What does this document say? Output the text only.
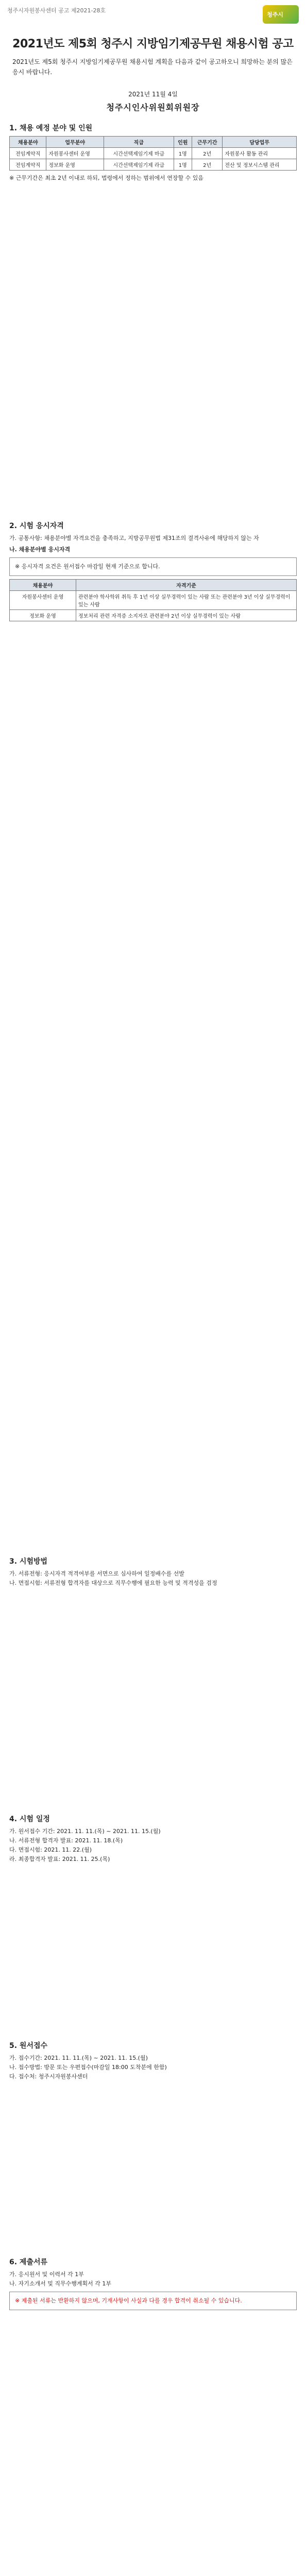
청주시자원봉사센터 공고 제2021-28호
청주시
2021년도 제5회 청주시 지방임기제공무원 채용시험 공고
2021년도 제5회 청주시 지방임기제공무원 채용시험 계획을 다음과 같이 공고하오니 희망하는 분의 많은 응시 바랍니다.
2021년 11월 4일
청주시인사위원회위원장
1. 채용 예정 분야 및 인원
채용분야	업무분야	직급	인원	근무기간	담당업무
전임계약직	자원봉사센터 운영	시간선택제임기제 마급	1명	2년	자원봉사 활동 관리
전임계약직	정보화 운영	시간선택제임기제 라급	1명	2년	전산 및 정보시스템 관리
※ 근무기간은 최초 2년 이내로 하되, 법령에서 정하는 범위에서 연장할 수 있음
2. 시험 응시자격
가. 공통사항: 채용분야별 자격요건을 충족하고, 지방공무원법 제31조의 결격사유에 해당하지 않는 자
나. 채용분야별 응시자격
※ 응시자격 요건은 원서접수 마감일 현재 기준으로 합니다.
채용분야	자격기준
자원봉사센터 운영	관련분야 학사학위 취득 후 1년 이상 실무경력이 있는 사람 또는 관련분야 3년 이상 실무경력이 있는 사람
정보화 운영	정보처리 관련 자격증 소지자로 관련분야 2년 이상 실무경력이 있는 사람
3. 시험방법
가. 서류전형: 응시자격 적격여부를 서면으로 심사하여 일정배수를 선발
나. 면접시험: 서류전형 합격자를 대상으로 직무수행에 필요한 능력 및 적격성을 검정
4. 시험 일정
가. 원서접수 기간: 2021. 11. 11.(목) ~ 2021. 11. 15.(월)
나. 서류전형 합격자 발표: 2021. 11. 18.(목)
다. 면접시험: 2021. 11. 22.(월)
라. 최종합격자 발표: 2021. 11. 25.(목)
5. 원서접수
가. 접수기간: 2021. 11. 11.(목) ~ 2021. 11. 15.(월)
나. 접수방법: 방문 또는 우편접수(마감일 18:00 도착분에 한함)
다. 접수처: 청주시자원봉사센터
6. 제출서류
가. 응시원서 및 이력서 각 1부
나. 자기소개서 및 직무수행계획서 각 1부
※ 제출된 서류는 반환하지 않으며, 기재사항이 사실과 다를 경우 합격이 취소될 수 있습니다.
